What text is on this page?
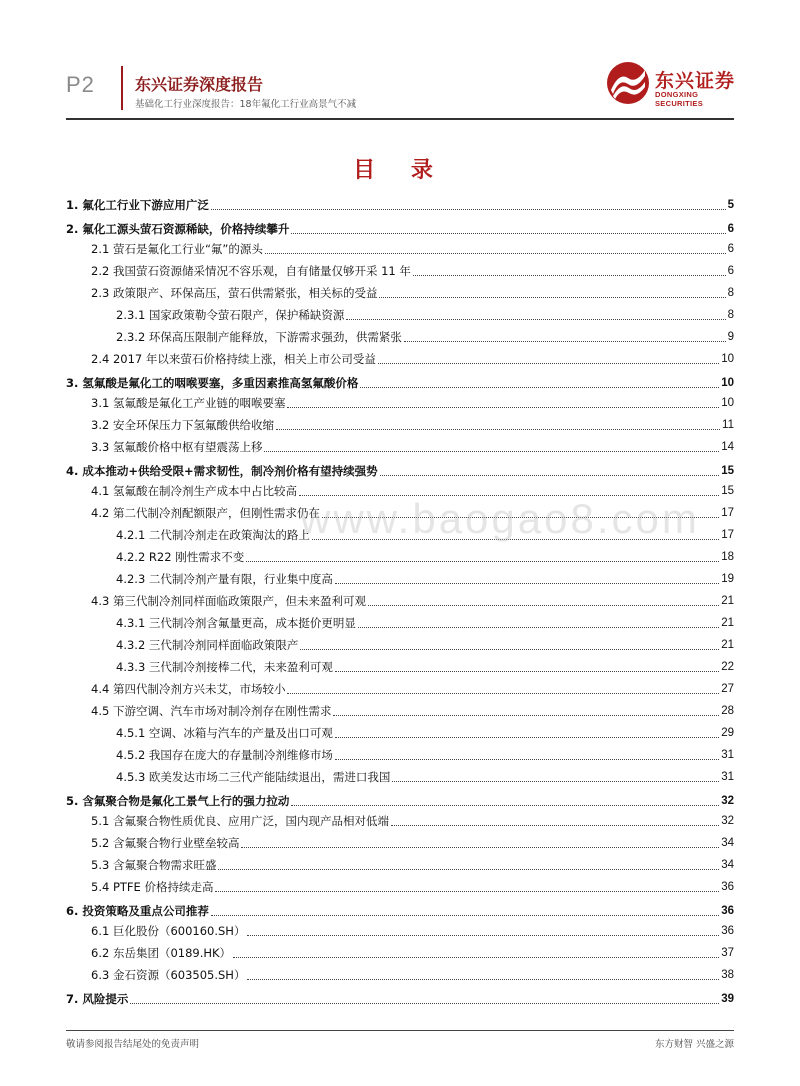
P2	东兴证券深度报告
基础化工行业深度报告：18年氟化工行业高景气不减
东兴证券
DONGXING SECURITIES
目 录
1. 氟化工行业下游应用广泛	5
2. 氟化工源头萤石资源稀缺，价格持续攀升	6
2.1 萤石是氟化工行业“氟”的源头	6
2.2 我国萤石资源储采情况不容乐观，自有储量仅够开采 11 年	6
2.3 政策限产、环保高压，萤石供需紧张，相关标的受益	8
2.3.1 国家政策勒令萤石限产，保护稀缺资源	8
2.3.2 环保高压限制产能释放，下游需求强劲，供需紧张	9
2.4 2017 年以来萤石价格持续上涨，相关上市公司受益	10
3. 氢氟酸是氟化工的咽喉要塞，多重因素推高氢氟酸价格	10
3.1 氢氟酸是氟化工产业链的咽喉要塞	10
3.2 安全环保压力下氢氟酸供给收缩	11
3.3 氢氟酸价格中枢有望震荡上移	14
4. 成本推动+供给受限+需求韧性，制冷剂价格有望持续强势	15
4.1 氢氟酸在制冷剂生产成本中占比较高	15
4.2 第二代制冷剂配额限产，但刚性需求仍在	17
4.2.1 二代制冷剂走在政策淘汰的路上	17
4.2.2 R22 刚性需求不变	18
4.2.3 二代制冷剂产量有限，行业集中度高	19
4.3 第三代制冷剂同样面临政策限产，但未来盈利可观	21
4.3.1 三代制冷剂含氟量更高，成本挺价更明显	21
4.3.2 三代制冷剂同样面临政策限产	21
4.3.3 三代制冷剂接棒二代，未来盈利可观	22
4.4 第四代制冷剂方兴未艾，市场较小	27
4.5 下游空调、汽车市场对制冷剂存在刚性需求	28
4.5.1 空调、冰箱与汽车的产量及出口可观	29
4.5.2 我国存在庞大的存量制冷剂维修市场	31
4.5.3 欧美发达市场二三代产能陆续退出，需进口我国	31
5. 含氟聚合物是氟化工景气上行的强力拉动	32
5.1 含氟聚合物性质优良、应用广泛，国内现产品相对低端	32
5.2 含氟聚合物行业壁垒较高	34
5.3 含氟聚合物需求旺盛	34
5.4 PTFE 价格持续走高	36
6. 投资策略及重点公司推荐	36
6.1 巨化股份（600160.SH）	36
6.2 东岳集团（0189.HK）	37
6.3 金石资源（603505.SH）	38
7. 风险提示	39
www.baogao8.com
敬请参阅报告结尾处的免责声明	东方财智 兴盛之源
